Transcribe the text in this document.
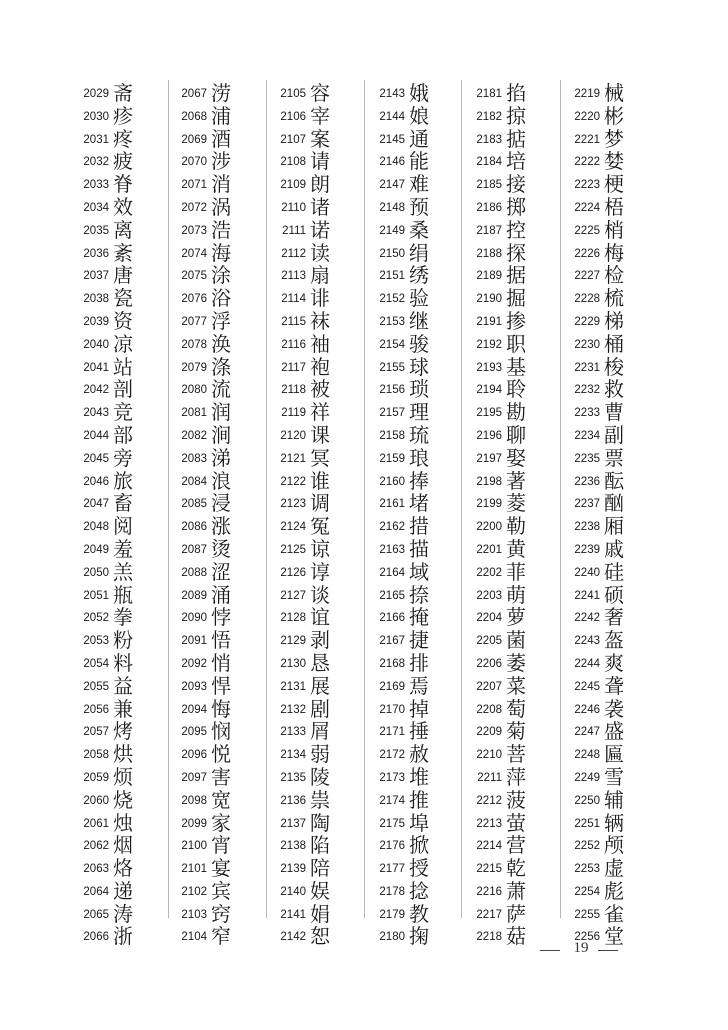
2029 斋
2030 疹
2031 疼
2032 疲
2033 脊
2034 效
2035 离
2036 紊
2037 唐
2038 瓷
2039 资
2040 凉
2041 站
2042 剖
2043 竞
2044 部
2045 旁
2046 旅
2047 畜
2048 阅
2049 羞
2050 羔
2051 瓶
2052 拳
2053 粉
2054 料
2055 益
2056 兼
2057 烤
2058 烘
2059 烦
2060 烧
2061 烛
2062 烟
2063 烙
2064 递
2065 涛
2066 浙
2067 涝
2068 浦
2069 酒
2070 涉
2071 消
2072 涡
2073 浩
2074 海
2075 涂
2076 浴
2077 浮
2078 涣
2079 涤
2080 流
2081 润
2082 涧
2083 涕
2084 浪
2085 浸
2086 涨
2087 烫
2088 涩
2089 涌
2090 悖
2091 悟
2092 悄
2093 悍
2094 悔
2095 悯
2096 悦
2097 害
2098 宽
2099 家
2100 宵
2101 宴
2102 宾
2103 窍
2104 窄
2105 容
2106 宰
2107 案
2108 请
2109 朗
2110 诸
2111 诺
2112 读
2113 扇
2114 诽
2115 袜
2116 袖
2117 袍
2118 被
2119 祥
2120 课
2121 冥
2122 谁
2123 调
2124 冤
2125 谅
2126 谆
2127 谈
2128 谊
2129 剥
2130 恳
2131 展
2132 剧
2133 屑
2134 弱
2135 陵
2136 祟
2137 陶
2138 陷
2139 陪
2140 娱
2141 娟
2142 恕
2143 娥
2144 娘
2145 通
2146 能
2147 难
2148 预
2149 桑
2150 绢
2151 绣
2152 验
2153 继
2154 骏
2155 球
2156 琐
2157 理
2158 琉
2159 琅
2160 捧
2161 堵
2162 措
2163 描
2164 域
2165 捺
2166 掩
2167 捷
2168 排
2169 焉
2170 掉
2171 捶
2172 赦
2173 堆
2174 推
2175 埠
2176 掀
2177 授
2178 捻
2179 教
2180 掬
2181 掐
2182 掠
2183 掂
2184 培
2185 接
2186 掷
2187 控
2188 探
2189 据
2190 掘
2191 掺
2192 职
2193 基
2194 聆
2195 勘
2196 聊
2197 娶
2198 著
2199 菱
2200 勒
2201 黄
2202 菲
2203 萌
2204 萝
2205 菌
2206 萎
2207 菜
2208 萄
2209 菊
2210 菩
2211 萍
2212 菠
2213 萤
2214 营
2215 乾
2216 萧
2217 萨
2218 菇
2219 械
2220 彬
2221 梦
2222 婪
2223 梗
2224 梧
2225 梢
2226 梅
2227 检
2228 梳
2229 梯
2230 桶
2231 梭
2232 救
2233 曹
2234 副
2235 票
2236 酝
2237 酗
2238 厢
2239 戚
2240 硅
2241 硕
2242 奢
2243 盔
2244 爽
2245 聋
2246 袭
2247 盛
2248 匾
2249 雪
2250 辅
2251 辆
2252 颅
2253 虚
2254 彪
2255 雀
2256 堂
19
